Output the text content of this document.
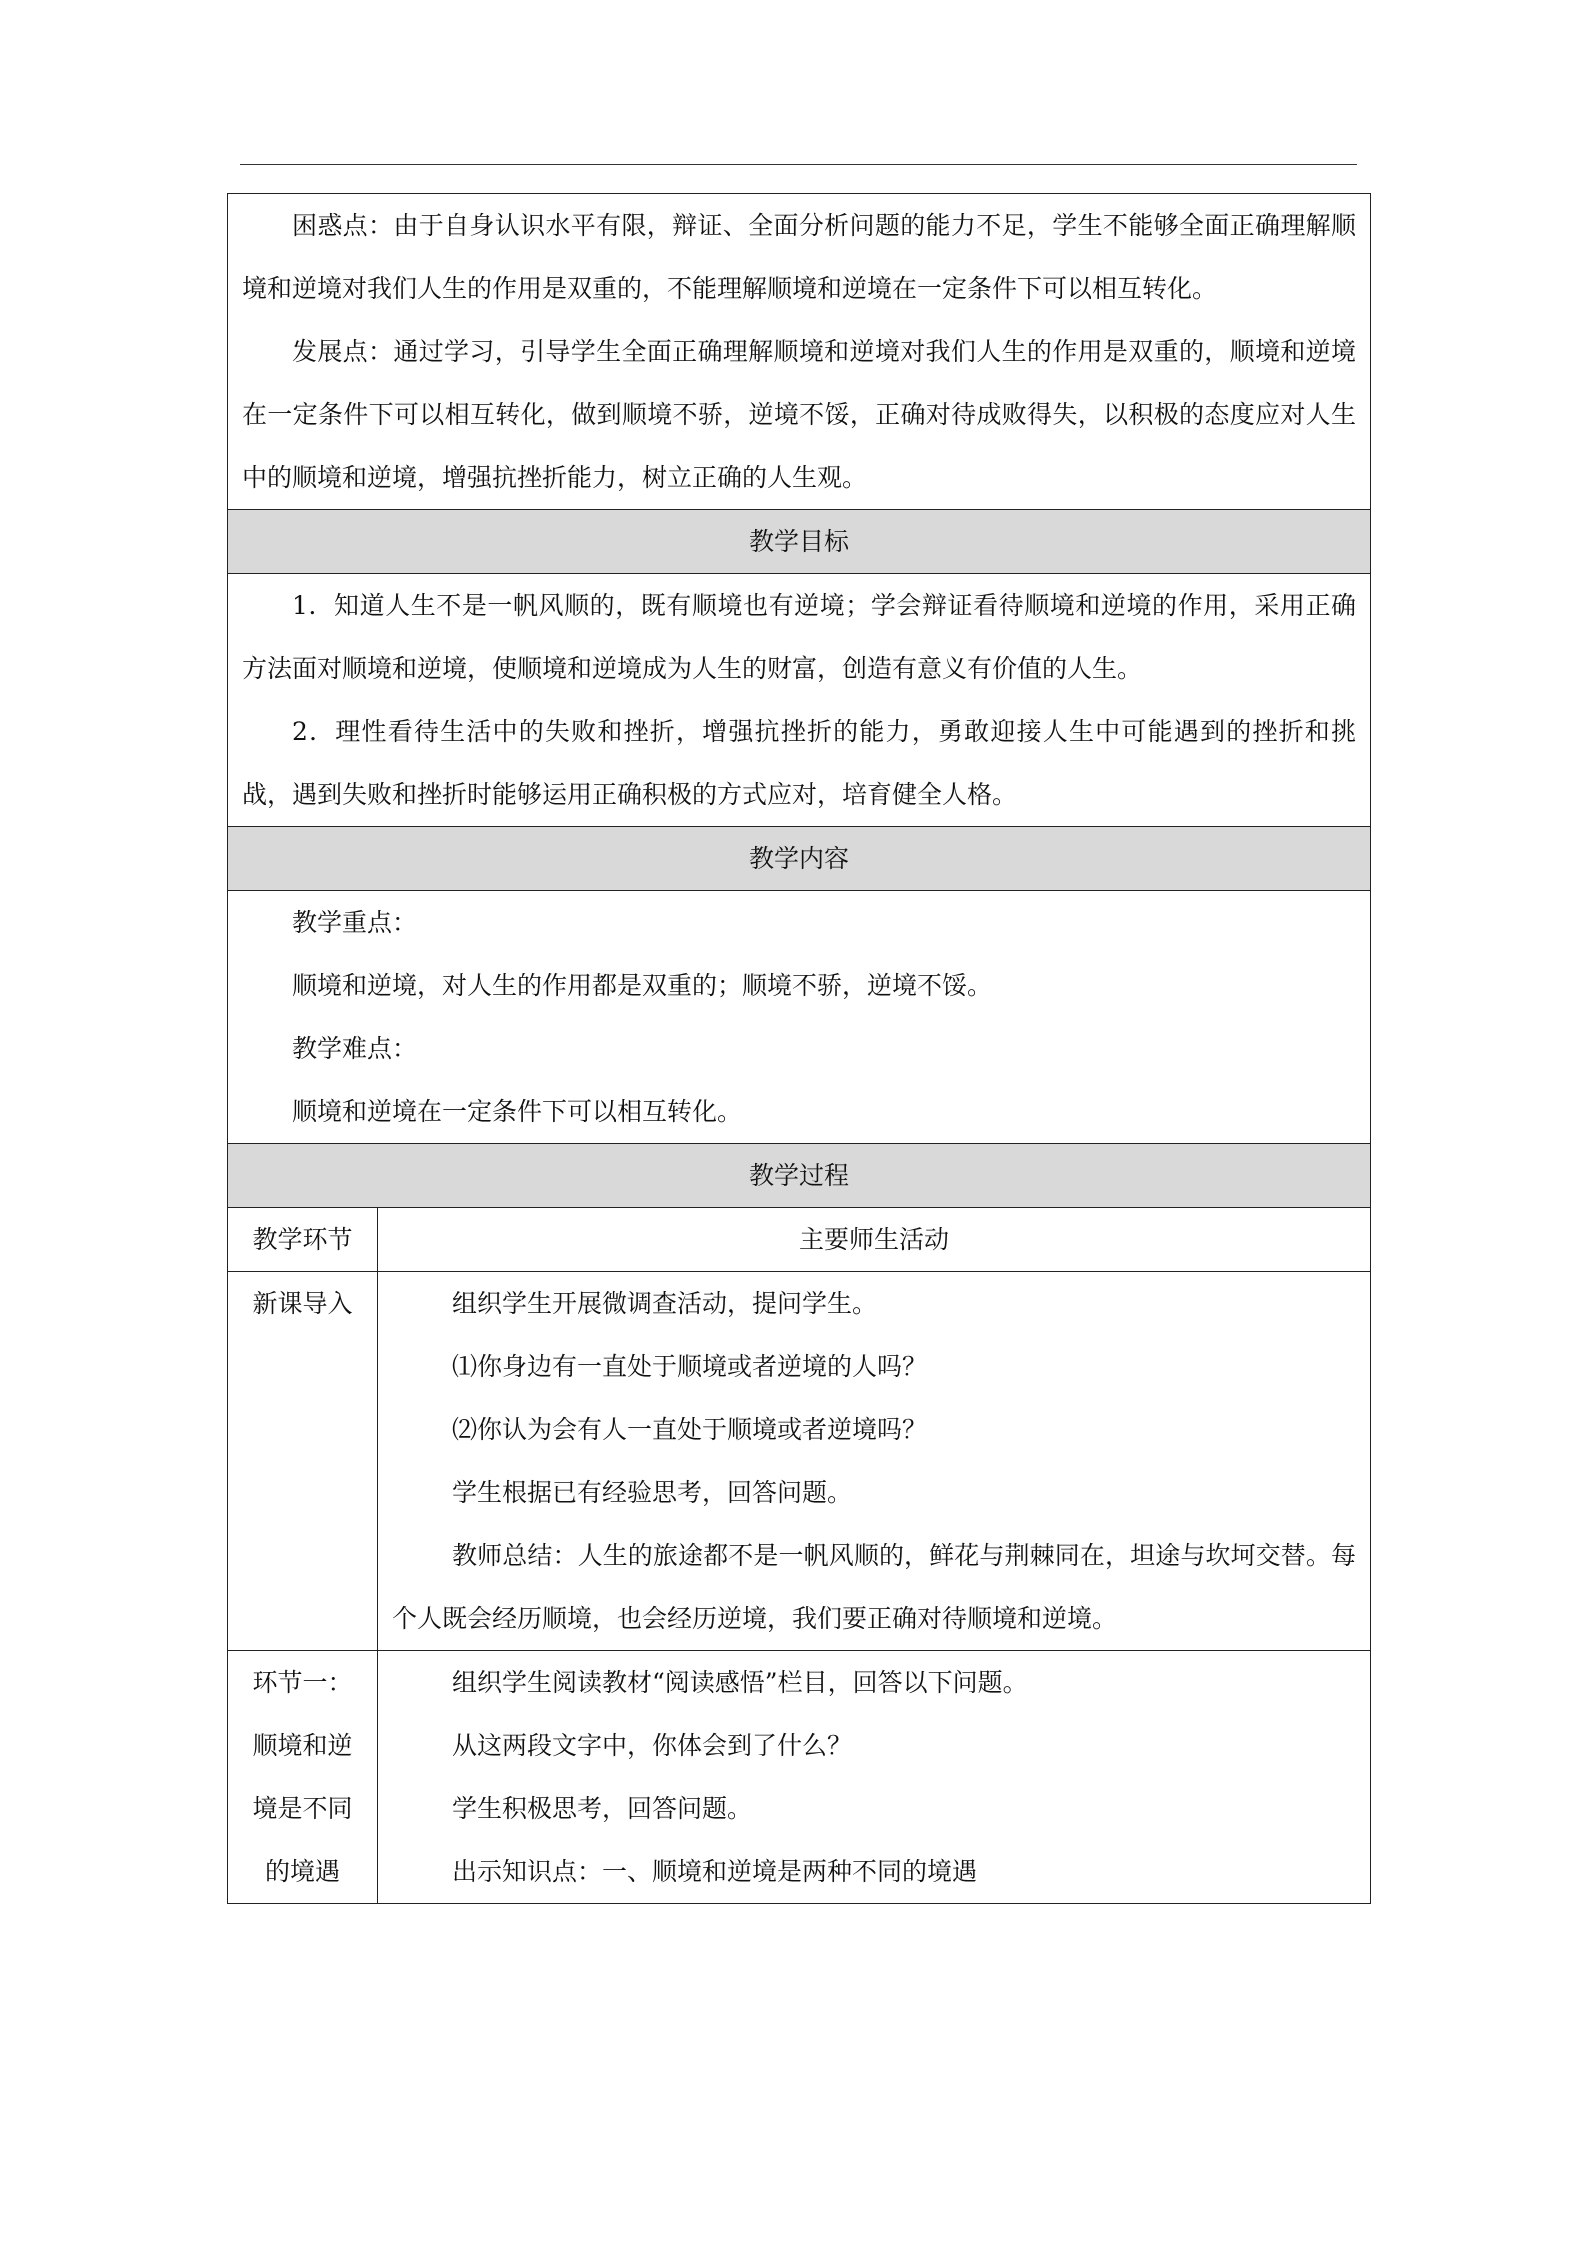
困惑点：由于自身认识水平有限，辩证、全面分析问题的能力不足，学生不能够全面正确理解顺境和逆境对我们人生的作用是双重的，不能理解顺境和逆境在一定条件下可以相互转化。

发展点：通过学习，引导学生全面正确理解顺境和逆境对我们人生的作用是双重的，顺境和逆境在一定条件下可以相互转化，做到顺境不骄，逆境不馁，正确对待成败得失，以积极的态度应对人生中的顺境和逆境，增强抗挫折能力，树立正确的人生观。	

教学目标	

1．知道人生不是一帆风顺的，既有顺境也有逆境；学会辩证看待顺境和逆境的作用，采用正确方法面对顺境和逆境，使顺境和逆境成为人生的财富，创造有意义有价值的人生。

2．理性看待生活中的失败和挫折，增强抗挫折的能力，勇敢迎接人生中可能遇到的挫折和挑战，遇到失败和挫折时能够运用正确积极的方式应对，培育健全人格。	

教学内容	

教学重点：

顺境和逆境，对人生的作用都是双重的；顺境不骄，逆境不馁。

教学难点：

顺境和逆境在一定条件下可以相互转化。	

教学过程	
教学环节	主要师生活动
新课导入	组织学生开展微调查活动，提问学生。

⑴你身边有一直处于顺境或者逆境的人吗？

⑵你认为会有人一直处于顺境或者逆境吗？

学生根据已有经验思考，回答问题。

教师总结：人生的旅途都不是一帆风顺的，鲜花与荆棘同在，坦途与坎坷交替。每个人既会经历顺境，也会经历逆境，我们要正确对待顺境和逆境。

环节一：顺境和逆境是不同的境遇	组织学生阅读教材“阅读感悟”栏目，回答以下问题。

从这两段文字中，你体会到了什么？

学生积极思考，回答问题。

出示知识点：一、顺境和逆境是两种不同的境遇
